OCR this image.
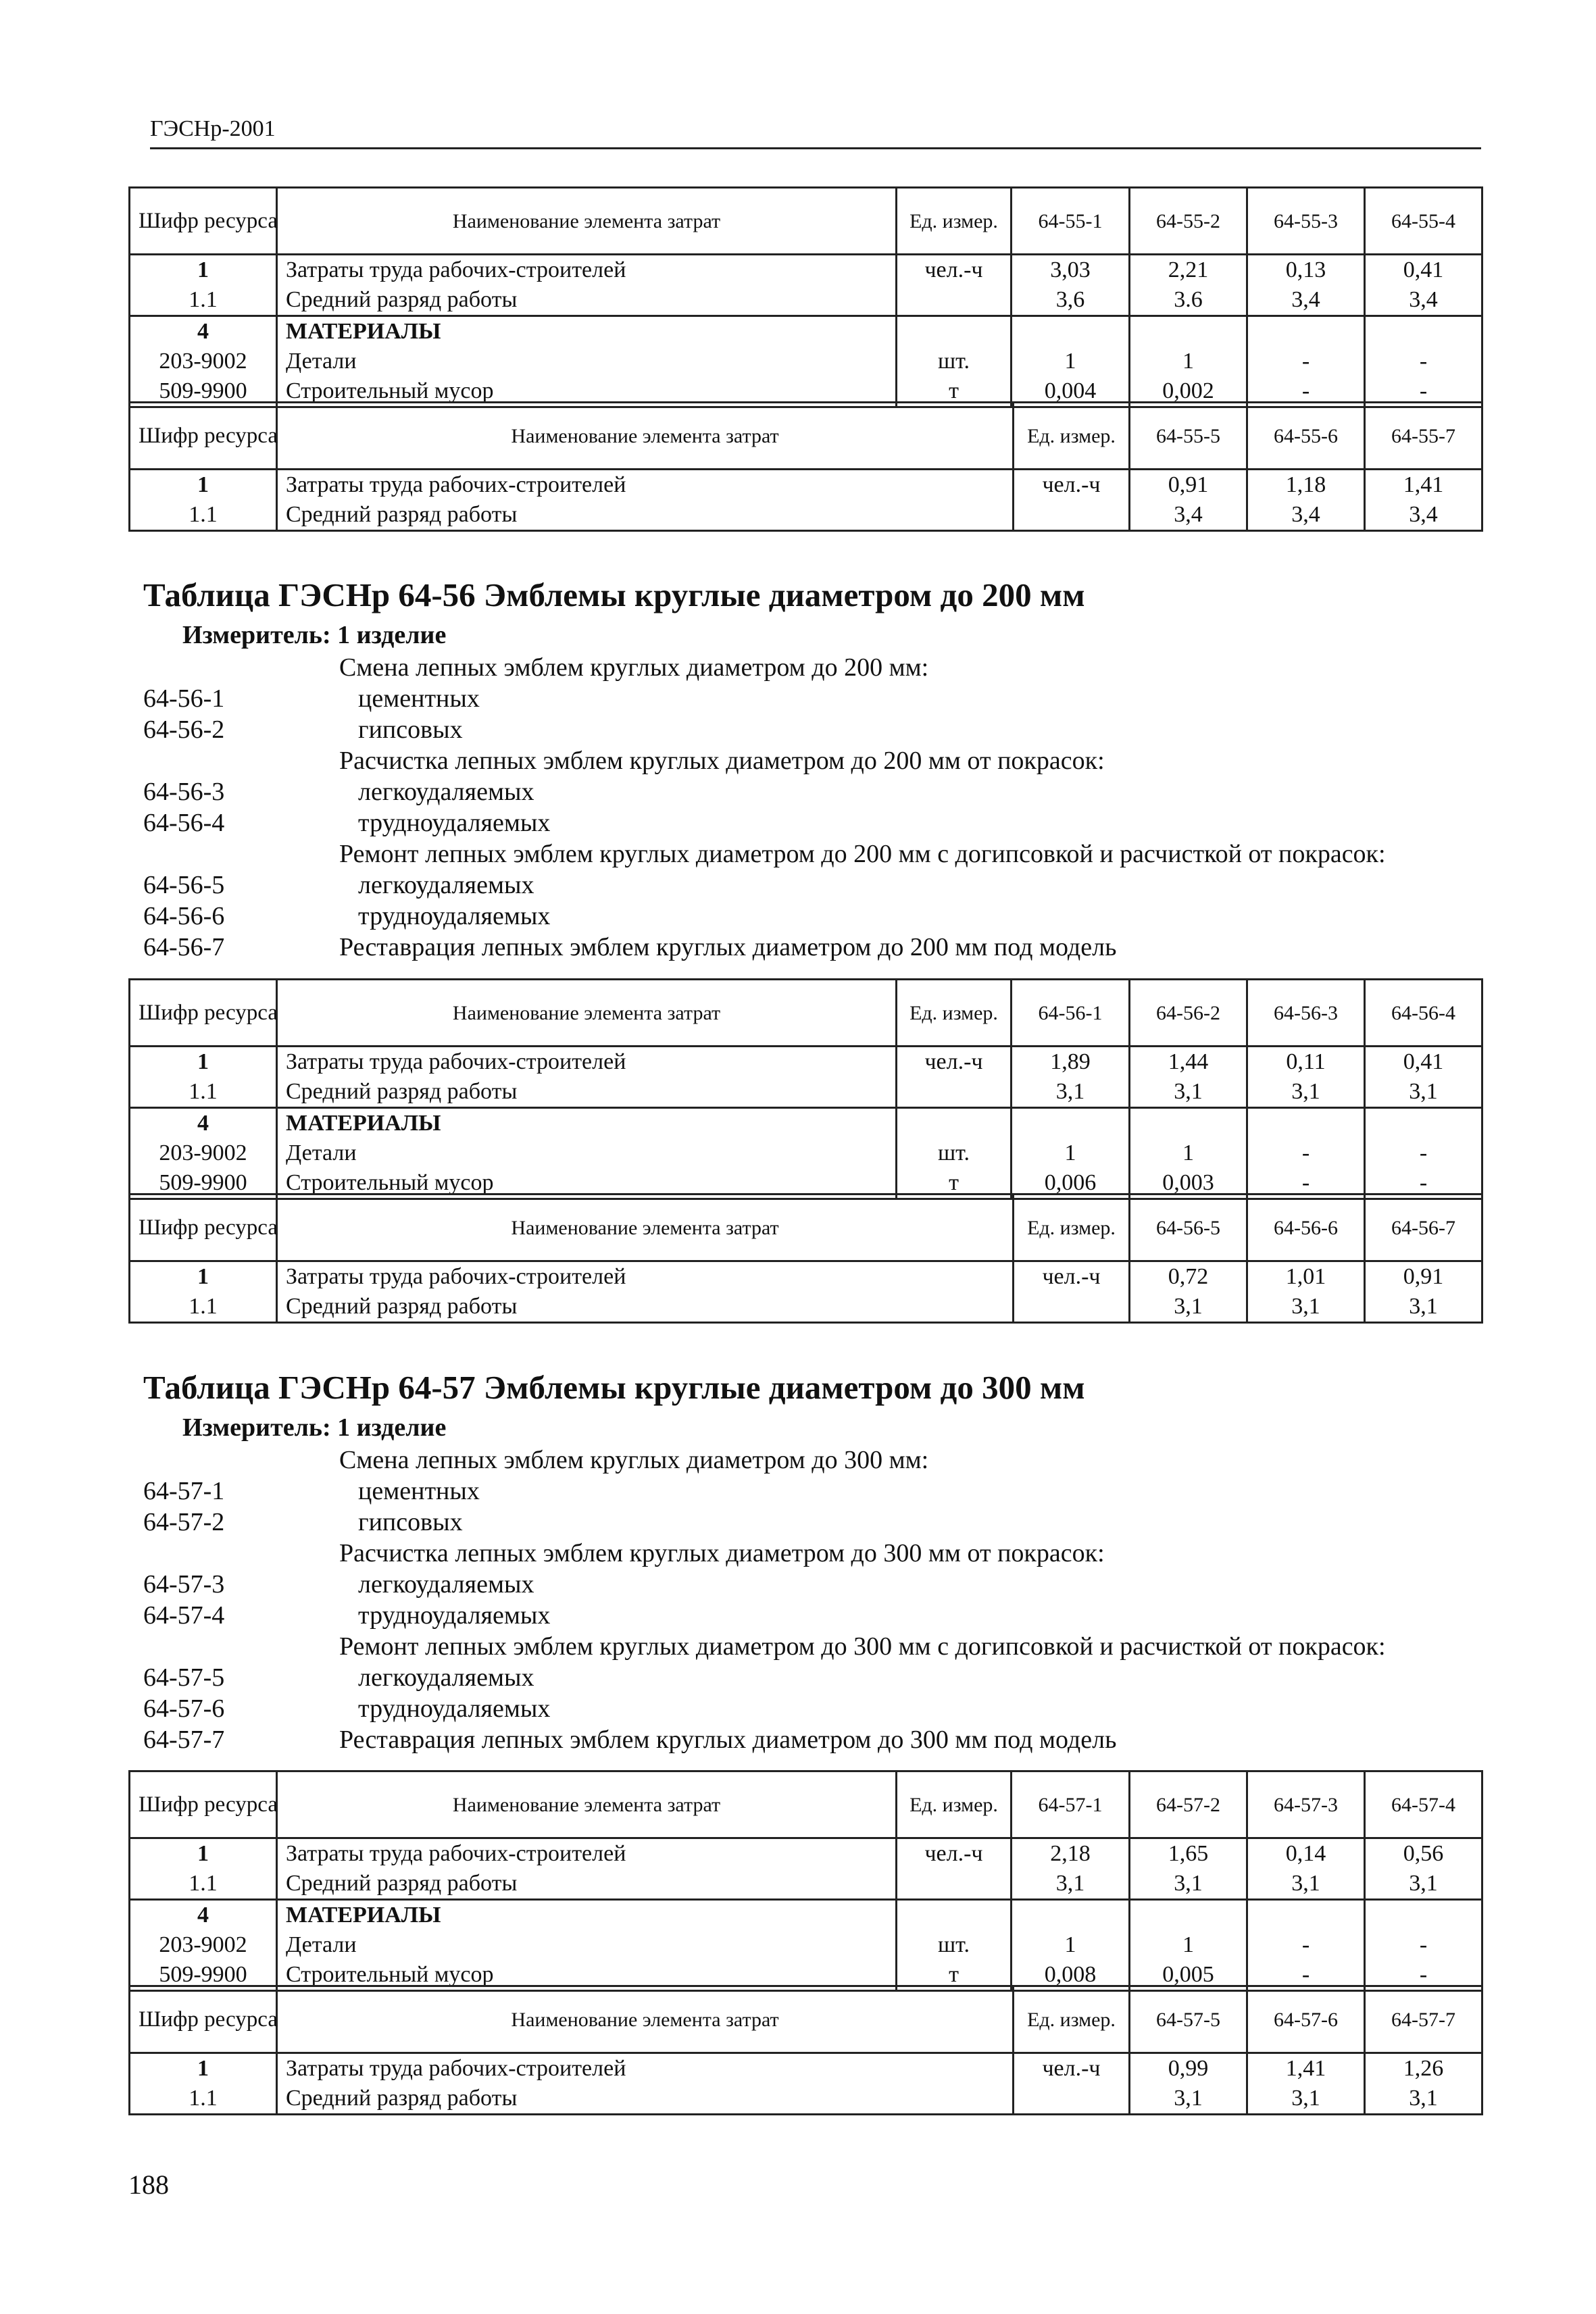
ГЭСНр-2001
Шифр ресурса	Наименование элемента затрат	Ед. измер.	64-55-1	64-55-2	64-55-3	64-55-4
1	Затраты труда рабочих-строителей	чел.-ч	3,03	2,21	0,13	0,41
1.1	Средний разряд работы		3,6	3.6	3,4	3,4
4	МАТЕРИАЛЫ					
203-9002	Детали	шт.	1	1	-	-
509-9900	Строительный мусор	т	0,004	0,002	-	-
Шифр ресурса	Наименование элемента затрат	Ед. измер.	64-55-5	64-55-6	64-55-7
1	Затраты труда рабочих-строителей	чел.-ч	0,91	1,18	1,41
1.1	Средний разряд работы		3,4	3,4	3,4
Таблица ГЭСНр 64-56 Эмблемы круглые диаметром до 200 мм
Измеритель: 1 изделие
Смена лепных эмблем круглых диаметром до 200 мм:
64-56-1	цементных
64-56-2	гипсовых
Расчистка лепных эмблем круглых диаметром до 200 мм от покрасок:
64-56-3	легкоудаляемых
64-56-4	трудноудаляемых
Ремонт лепных эмблем круглых диаметром до 200 мм с догипсовкой и расчисткой от покрасок:
64-56-5	легкоудаляемых
64-56-6	трудноудаляемых
64-56-7	Реставрация лепных эмблем круглых диаметром до 200 мм под модель
Шифр ресурса	Наименование элемента затрат	Ед. измер.	64-56-1	64-56-2	64-56-3	64-56-4
1	Затраты труда рабочих-строителей	чел.-ч	1,89	1,44	0,11	0,41
1.1	Средний разряд работы		3,1	3,1	3,1	3,1
4	МАТЕРИАЛЫ					
203-9002	Детали	шт.	1	1	-	-
509-9900	Строительный мусор	т	0,006	0,003	-	-
Шифр ресурса	Наименование элемента затрат	Ед. измер.	64-56-5	64-56-6	64-56-7
1	Затраты труда рабочих-строителей	чел.-ч	0,72	1,01	0,91
1.1	Средний разряд работы		3,1	3,1	3,1
Таблица ГЭСНр 64-57 Эмблемы круглые диаметром до 300 мм
Измеритель: 1 изделие
Смена лепных эмблем круглых диаметром до 300 мм:
64-57-1	цементных
64-57-2	гипсовых
Расчистка лепных эмблем круглых диаметром до 300 мм от покрасок:
64-57-3	легкоудаляемых
64-57-4	трудноудаляемых
Ремонт лепных эмблем круглых диаметром до 300 мм с догипсовкой и расчисткой от покрасок:
64-57-5	легкоудаляемых
64-57-6	трудноудаляемых
64-57-7	Реставрация лепных эмблем круглых диаметром до 300 мм под модель
Шифр ресурса	Наименование элемента затрат	Ед. измер.	64-57-1	64-57-2	64-57-3	64-57-4
1	Затраты труда рабочих-строителей	чел.-ч	2,18	1,65	0,14	0,56
1.1	Средний разряд работы		3,1	3,1	3,1	3,1
4	МАТЕРИАЛЫ					
203-9002	Детали	шт.	1	1	-	-
509-9900	Строительный мусор	т	0,008	0,005	-	-
Шифр ресурса	Наименование элемента затрат	Ед. измер.	64-57-5	64-57-6	64-57-7
1	Затраты труда рабочих-строителей	чел.-ч	0,99	1,41	1,26
1.1	Средний разряд работы		3,1	3,1	3,1
188
